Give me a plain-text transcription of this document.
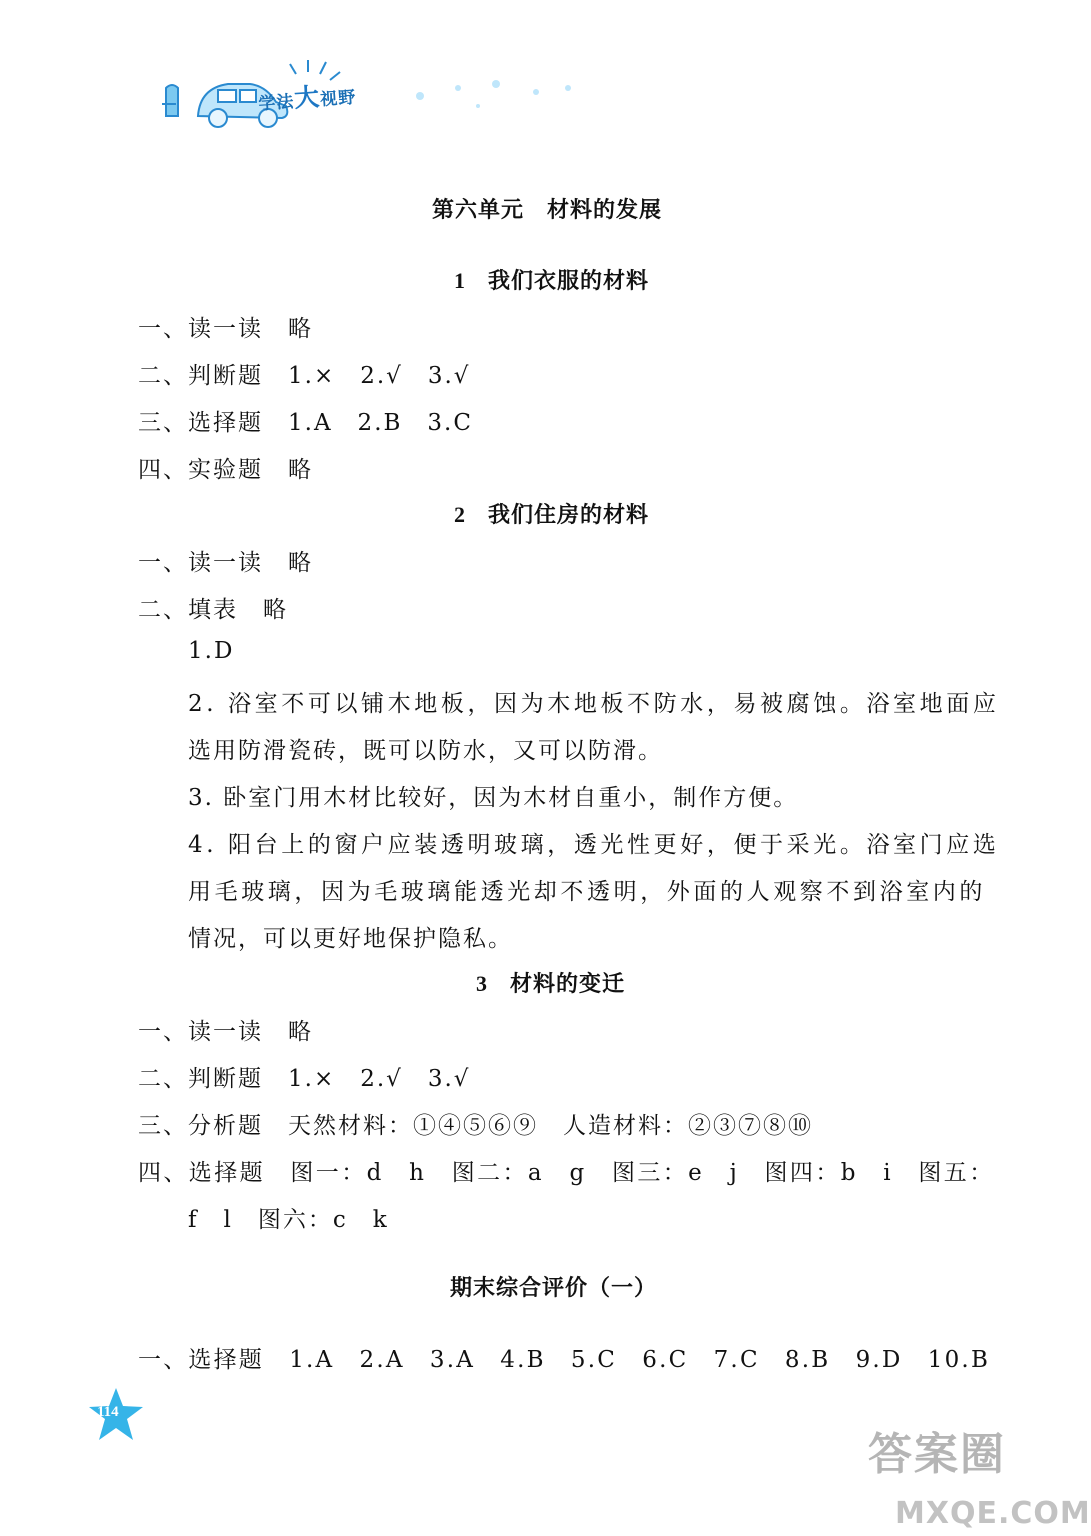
学法大视野
第六单元　材料的发展
1 我们衣服的材料
一、读一读　略
二、判断题　1.×　2.√　3.√
三、选择题　1.A　2.B　3.C
四、实验题　略
2 我们住房的材料
一、读一读　略
二、填表　略
1.D
2. 浴室不可以铺木地板，因为木地板不防水，易被腐蚀。浴室地面应
选用防滑瓷砖，既可以防水，又可以防滑。
3. 卧室门用木材比较好，因为木材自重小，制作方便。
4. 阳台上的窗户应装透明玻璃，透光性更好，便于采光。浴室门应选
用毛玻璃，因为毛玻璃能透光却不透明，外面的人观察不到浴室内的
情况，可以更好地保护隐私。
3 材料的变迁
一、读一读　略
二、判断题　1.×　2.√　3.√
三、分析题　天然材料：①④⑤⑥⑨　人造材料：②③⑦⑧⑩
四、选择题　图一：d　h　图二：a　g　图三：e　j　图四：b　i　图五：
f　l　图六：c　k
期末综合评价（一）
一、选择题　1.A　2.A　3.A　4.B　5.C　6.C　7.C　8.B　9.D　10.B
114
答案圈
MXQE.COM
